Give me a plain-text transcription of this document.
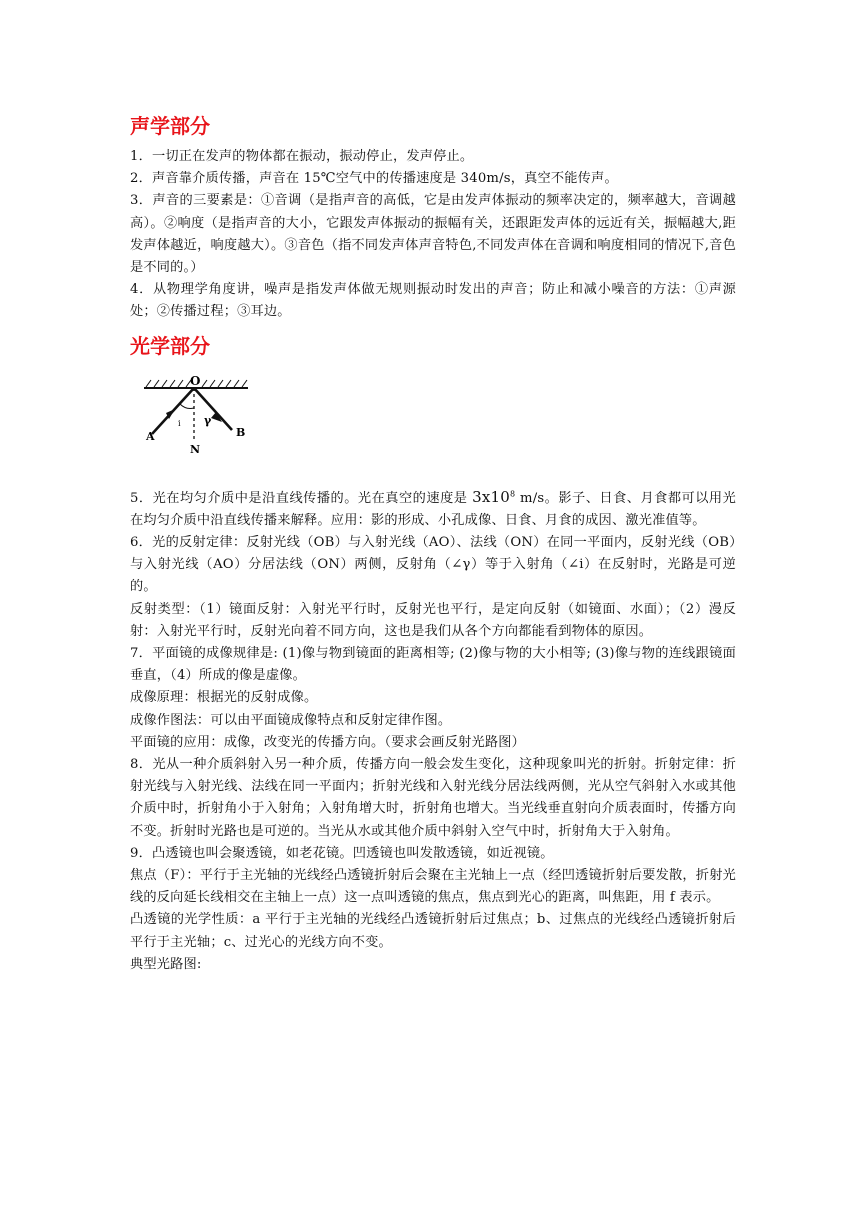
声学部分

1．一切正在发声的物体都在振动，振动停止，发声停止。

2．声音靠介质传播，声音在 15℃空气中的传播速度是 340m/s，真空不能传声。

3．声音的三要素是：①音调（是指声音的高低，它是由发声体振动的频率决定的，频率越大，音调越高）。②响度（是指声音的大小，它跟发声体振动的振幅有关，还跟距发声体的远近有关，振幅越大,距发声体越近，响度越大）。③音色（指不同发声体声音特色,不同发声体在音调和响度相同的情况下,音色是不同的。）

4．从物理学角度讲，噪声是指发声体做无规则振动时发出的声音；防止和减小噪音的方法：①声源处；②传播过程；③耳边。

光学部分
O
A	B
N
γ
i

5．光在均匀介质中是沿直线传播的。光在真空的速度是 $3x10^8$ m/s。影子、日食、月食都可以用光在均匀介质中沿直线传播来解释。应用：影的形成、小孔成像、日食、月食的成因、激光准值等。

6．光的反射定律：反射光线（OB）与入射光线（AO）、法线（ON）在同一平面内，反射光线（OB）与入射光线（AO）分居法线（ON）两侧，反射角（∠γ）等于入射角（∠i）在反射时，光路是可逆的。

反射类型：（1）镜面反射：入射光平行时，反射光也平行，是定向反射（如镜面、水面）；（2）漫反射：入射光平行时，反射光向着不同方向，这也是我们从各个方向都能看到物体的原因。

7．平面镜的成像规律是: (1)像与物到镜面的距离相等; (2)像与物的大小相等; (3)像与物的连线跟镜面垂直，（4）所成的像是虚像。

成像原理：根据光的反射成像。

成像作图法：可以由平面镜成像特点和反射定律作图。

平面镜的应用：成像，改变光的传播方向。（要求会画反射光路图）

8．光从一种介质斜射入另一种介质，传播方向一般会发生变化，这种现象叫光的折射。折射定律：折射光线与入射光线、法线在同一平面内；折射光线和入射光线分居法线两侧，光从空气斜射入水或其他介质中时，折射角小于入射角；入射角增大时，折射角也增大。当光线垂直射向介质表面时，传播方向不变。折射时光路也是可逆的。当光从水或其他介质中斜射入空气中时，折射角大于入射角。

9．凸透镜也叫会聚透镜，如老花镜。凹透镜也叫发散透镜，如近视镜。

焦点（F）：平行于主光轴的光线经凸透镜折射后会聚在主光轴上一点（经凹透镜折射后要发散，折射光线的反向延长线相交在主轴上一点）这一点叫透镜的焦点，焦点到光心的距离，叫焦距，用 f 表示。

凸透镜的光学性质：a 平行于主光轴的光线经凸透镜折射后过焦点；b、过焦点的光线经凸透镜折射后平行于主光轴；c、过光心的光线方向不变。

典型光路图:
